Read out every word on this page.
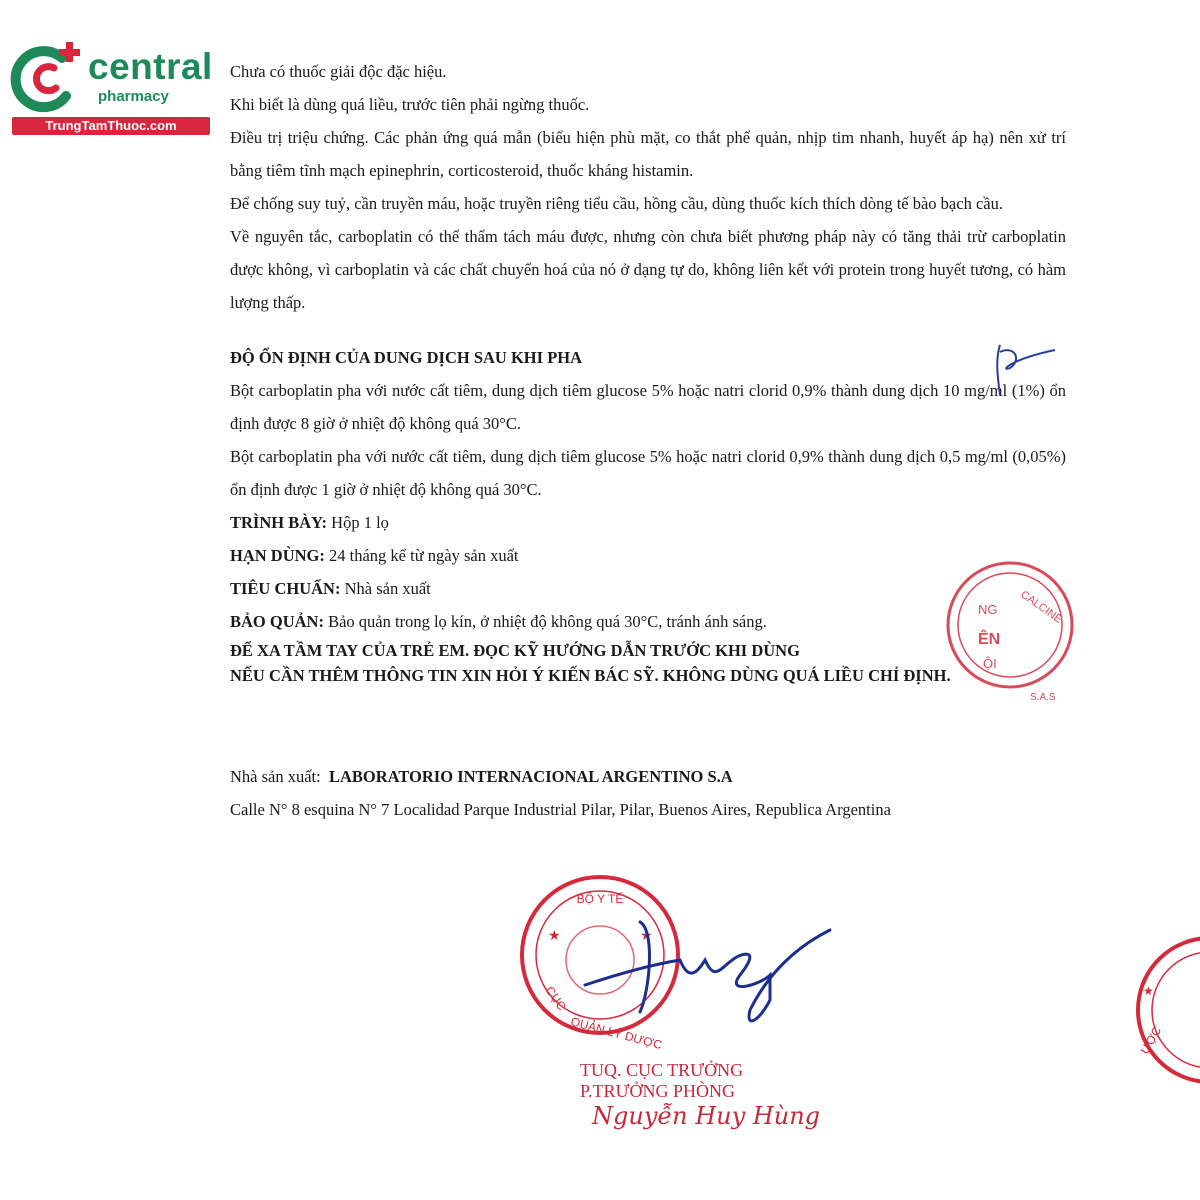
central
pharmacy
TrungTamThuoc.com

Chưa có thuốc giải độc đặc hiệu.

Khi biết là dùng quá liều, trước tiên phải ngừng thuốc.

Điều trị triệu chứng. Các phản ứng quá mẫn (biểu hiện phù mặt, co thắt phế quản, nhịp tim nhanh, huyết áp hạ) nên xử trí bằng tiêm tĩnh mạch epinephrin, corticosteroid, thuốc kháng histamin.

Để chống suy tuỷ, cần truyền máu, hoặc truyền riêng tiểu cầu, hồng cầu, dùng thuốc kích thích dòng tế bào bạch cầu.

Về nguyên tắc, carboplatin có thể thẩm tách máu được, nhưng còn chưa biết phương pháp này có tăng thải trừ carboplatin được không, vì carboplatin và các chất chuyển hoá của nó ở dạng tự do, không liên kết với protein trong huyết tương, có hàm lượng thấp.

ĐỘ ỔN ĐỊNH CỦA DUNG DỊCH SAU KHI PHA

Bột carboplatin pha với nước cất tiêm, dung dịch tiêm glucose 5% hoặc natri clorid 0,9% thành dung dịch 10 mg/ml (1%) ổn định được 8 giờ ở nhiệt độ không quá 30°C.

Bột carboplatin pha với nước cất tiêm, dung dịch tiêm glucose 5% hoặc natri clorid 0,9% thành dung dịch 0,5 mg/ml (0,05%) ổn định được 1 giờ ở nhiệt độ không quá 30°C.

TRÌNH BÀY: Hộp 1 lọ

HẠN DÙNG: 24 tháng kể từ ngày sản xuất

TIÊU CHUẨN: Nhà sản xuất

BẢO QUẢN: Bảo quản trong lọ kín, ở nhiệt độ không quá 30°C, tránh ánh sáng.

ĐỂ XA TẦM TAY CỦA TRẺ EM. ĐỌC KỸ HƯỚNG DẪN TRƯỚC KHI DÙNG

NẾU CẦN THÊM THÔNG TIN XIN HỎI Ý KIẾN BÁC SỸ. KHÔNG DÙNG QUÁ LIỀU CHỈ ĐỊNH.

Nhà sản xuất: LABORATORIO INTERNACIONAL ARGENTINO S.A
Calle N° 8 esquina N° 7 Localidad Parque Industrial Pilar, Pilar, Buenos Aires, Republica Argentina
CALCINE
NG
ÊN
ỘI
S.A.S
BỘ Y TẾ
CỤC
QUẢN LÝ DƯỢC
★	★
★
ƯỢC
TUQ. CỤC TRƯỞNG
P.TRƯỞNG PHÒNG
Nguyễn Huy Hùng
